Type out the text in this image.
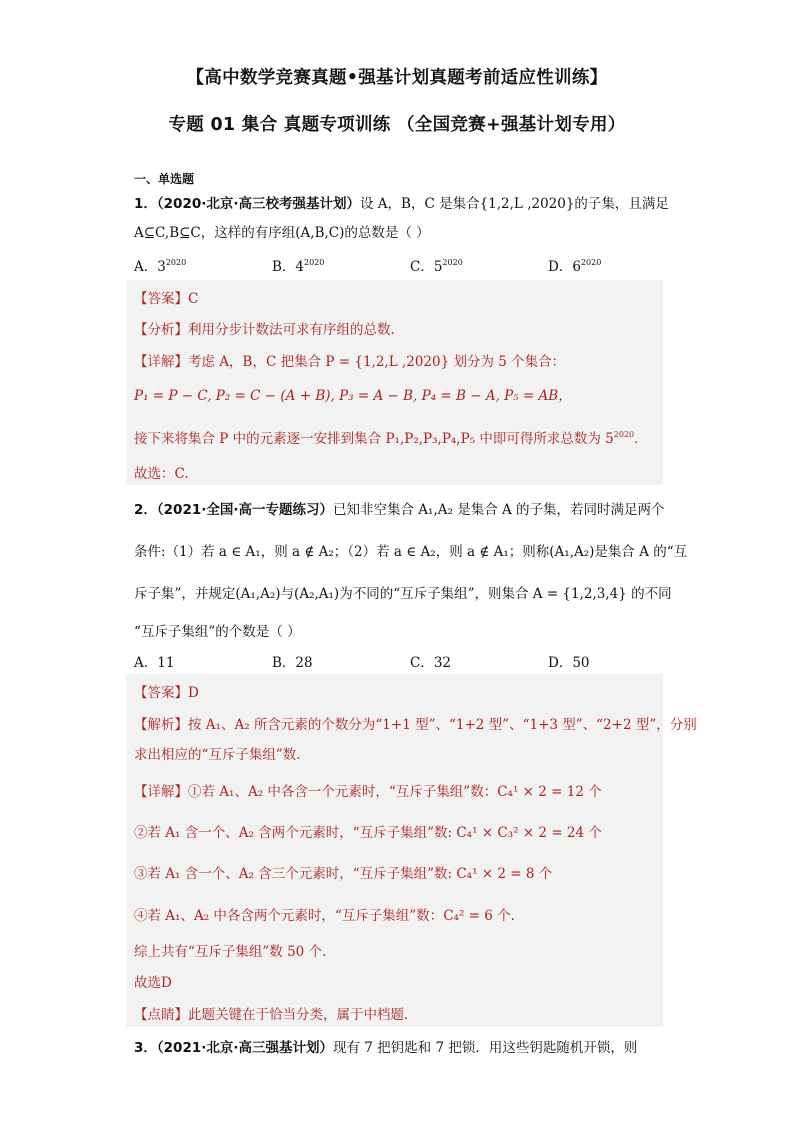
【高中数学竞赛真题•强基计划真题考前适应性训练】
专题 01 集合 真题专项训练 （全国竞赛+强基计划专用）
一、单选题
1．（2020·北京·高三校考强基计划）设 A，B，C 是集合{1,2,L ,2020}的子集，且满足
A⊆C,B⊆C，这样的有序组(A,B,C)的总数是（ ）
A．$3^{2020}$	B．$4^{2020}$	C．$5^{2020}$	D．$6^{2020}$
【答案】C
【分析】利用分步计数法可求有序组的总数.
【详解】考虑 A，B，C 把集合 P = {1,2,L ,2020} 划分为 5 个集合：
P₁ = P − C, P₂ = C − (A + B), P₃ = A − B, P₄ = B − A, P₅ = AB，
接下来将集合 P 中的元素逐一安排到集合 P₁,P₂,P₃,P₄,P₅ 中即可得所求总数为 $5^{2020}$．
故选：C.
2．（2021·全国·高一专题练习）已知非空集合 A₁,A₂ 是集合 A 的子集，若同时满足两个
条件:（1）若 a ∈ A₁，则 a ∉ A₂；（2）若 a ∈ A₂，则 a ∉ A₁；则称(A₁,A₂)是集合 A 的“互
斥子集”，并规定(A₁,A₂)与(A₂,A₁)为不同的“互斥子集组”，则集合 A = {1,2,3,4} 的不同
“互斥子集组”的个数是（ ）
A．11	B．28	C．32	D．50
【答案】D
【解析】按 A₁、A₂ 所含元素的个数分为“1+1 型”、“1+2 型”、“1+3 型”、“2+2 型”，分别
求出相应的“互斥子集组”数.
【详解】①若 A₁、A₂ 中各含一个元素时，“互斥子集组”数：C₄¹ × 2 = 12 个
②若 A₁ 含一个、A₂ 含两个元素时，“互斥子集组”数: C₄¹ × C₃² × 2 = 24 个
③若 A₁ 含一个、A₂ 含三个元素时，“互斥子集组”数: C₄¹ × 2 = 8 个
④若 A₁、A₂ 中各含两个元素时，“互斥子集组”数：C₄² = 6 个.
综上共有“互斥子集组”数 50 个.
故选D
【点睛】此题关键在于恰当分类，属于中档题.
3．（2021·北京·高三强基计划）现有 7 把钥匙和 7 把锁．用这些钥匙随机开锁，则
